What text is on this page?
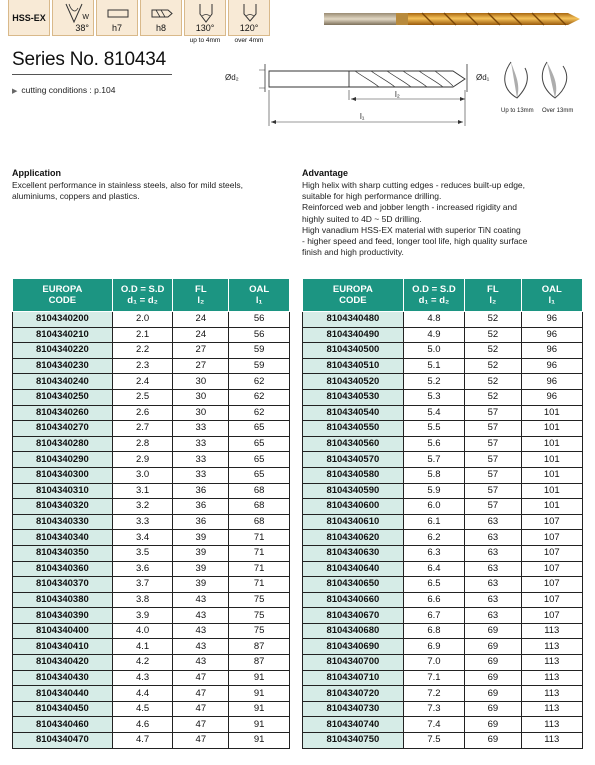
HSS-EX	W
38°	h7	h8	130°
up to 4mm
120°
over 4mm
Series No. 810434
▶ cutting conditions : p.104
Ød₂	Ød₁
l₂
l₁
Up to 13mm Over 13mm
Application
Excellent performance in stainless steels, also for mild steels,
aluminiums, coppers and plastics.
Advantage
High helix with sharp cutting edges - reduces built-up edge,
suitable for high performance drilling.
Reinforced web and jobber length - increased rigidity and
highly suited to 4D ~ 5D drilling.
High vanadium HSS-EX material with superior TiN coating
- higher speed and feed, longer tool life, high quality surface
finish and high productivity.
EUROPA
CODE	O.D = S.D
d₁ = d₂	FL
l₂	OAL
l₁
8104340200	2.0	24	56
8104340210	2.1	24	56
8104340220	2.2	27	59
8104340230	2.3	27	59
8104340240	2.4	30	62
8104340250	2.5	30	62
8104340260	2.6	30	62
8104340270	2.7	33	65
8104340280	2.8	33	65
8104340290	2.9	33	65
8104340300	3.0	33	65
8104340310	3.1	36	68
8104340320	3.2	36	68
8104340330	3.3	36	68
8104340340	3.4	39	71
8104340350	3.5	39	71
8104340360	3.6	39	71
8104340370	3.7	39	71
8104340380	3.8	43	75
8104340390	3.9	43	75
8104340400	4.0	43	75
8104340410	4.1	43	87
8104340420	4.2	43	87
8104340430	4.3	47	91
8104340440	4.4	47	91
8104340450	4.5	47	91
8104340460	4.6	47	91
8104340470	4.7	47	91
EUROPA
CODE	O.D = S.D
d₁ = d₂	FL
l₂	OAL
l₁
8104340480	4.8	52	96
8104340490	4.9	52	96
8104340500	5.0	52	96
8104340510	5.1	52	96
8104340520	5.2	52	96
8104340530	5.3	52	96
8104340540	5.4	57	101
8104340550	5.5	57	101
8104340560	5.6	57	101
8104340570	5.7	57	101
8104340580	5.8	57	101
8104340590	5.9	57	101
8104340600	6.0	57	101
8104340610	6.1	63	107
8104340620	6.2	63	107
8104340630	6.3	63	107
8104340640	6.4	63	107
8104340650	6.5	63	107
8104340660	6.6	63	107
8104340670	6.7	63	107
8104340680	6.8	69	113
8104340690	6.9	69	113
8104340700	7.0	69	113
8104340710	7.1	69	113
8104340720	7.2	69	113
8104340730	7.3	69	113
8104340740	7.4	69	113
8104340750	7.5	69	113
